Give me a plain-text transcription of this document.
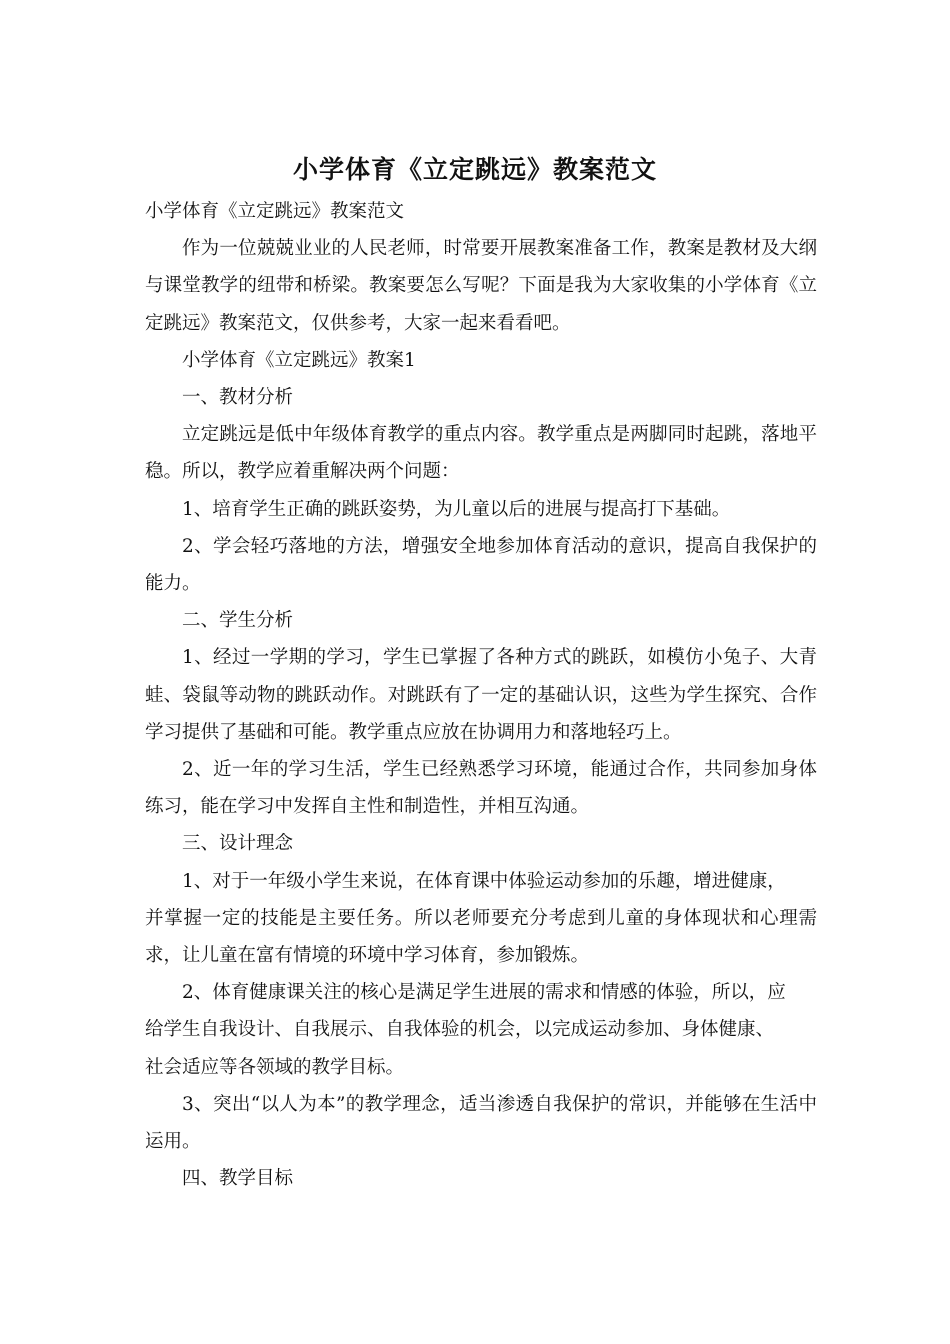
小学体育《立定跳远》教案范文

小学体育《立定跳远》教案范文

作为一位兢兢业业的人民老师，时常要开展教案准备工作，教案是教材及大纲与课堂教学的纽带和桥梁。教案要怎么写呢？下面是我为大家收集的小学体育《立定跳远》教案范文，仅供参考，大家一起来看看吧。

小学体育《立定跳远》教案1

一、教材分析

立定跳远是低中年级体育教学的重点内容。教学重点是两脚同时起跳，落地平稳。所以，教学应着重解决两个问题：

1、培育学生正确的跳跃姿势，为儿童以后的进展与提高打下基础。

2、学会轻巧落地的方法，增强安全地参加体育活动的意识，提高自我保护的能力。

二、学生分析

1、经过一学期的学习，学生已掌握了各种方式的跳跃，如模仿小兔子、大青蛙、袋鼠等动物的跳跃动作。对跳跃有了一定的基础认识，这些为学生探究、合作学习提供了基础和可能。教学重点应放在协调用力和落地轻巧上。

2、近一年的学习生活，学生已经熟悉学习环境，能通过合作，共同参加身体练习，能在学习中发挥自主性和制造性，并相互沟通。

三、设计理念

1、对于一年级小学生来说，在体育课中体验运动参加的乐趣，增进健康，

并掌握一定的技能是主要任务。所以老师要充分考虑到儿童的身体现状和心理需求，让儿童在富有情境的环境中学习体育，参加锻炼。

2、体育健康课关注的核心是满足学生进展的需求和情感的体验，所以，应

给学生自我设计、自我展示、自我体验的机会，以完成运动参加、身体健康、

社会适应等各领域的教学目标。

3、突出“以人为本”的教学理念，适当渗透自我保护的常识，并能够在生活中运用。

四、教学目标
